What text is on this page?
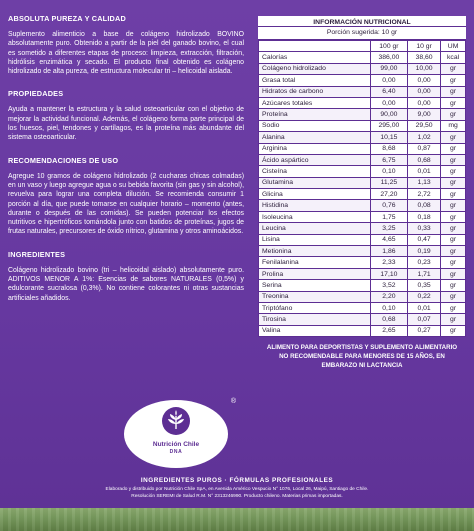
ABSOLUTA PUREZA Y CALIDAD
Suplemento alimenticio a base de colágeno hidrolizado BOVINO absolutamente puro. Obtenido a partir de la piel del ganado bovino, el cual es sometido a diferentes etapas de proceso: limpieza, extracción, filtración, hidrólisis enzimática y secado. El producto final obtenido es colágeno hidrolizado de alta pureza, de estructura molecular tri – helicoidal aislada.
PROPIEDADES
Ayuda a mantener la estructura y la salud osteoarticular con el objetivo de mejorar la actividad funcional. Además, el colágeno forma parte principal de los huesos, piel, tendones y cartílagos, es la proteína más abundante del sistema osteoarticular.
RECOMENDACIONES DE USO
Agregue 10 gramos de colágeno hidrolizado (2 cucharas chicas colmadas) en un vaso y luego agregue agua o su bebida favorita (sin gas y sin alcohol), revuelva para lograr una completa dilución. Se recomienda consumir 1 porción al día, que puede tomarse en cualquier horario – momento (antes, durante o después de las comidas). Se pueden potenciar los efectos nutritivos e hipertróficos tomándola junto con batidos de proteínas, jugos de frutas naturales, precursores de óxido nítrico, glutamina y otros aminoácidos.
INGREDIENTES
Colágeno hidrolizado bovino (tri – helicoidal aislado) absolutamente puro. ADITIVOS MENOR A 1%: Esencias de sabores NATURALES (0,5%) y edulcorante sucralosa (0,3%). No contiene colorantes ni otras sustancias artificiales añadidos.
INFORMACIÓN NUTRICIONAL
Porción sugerida: 10 gr
	100 gr	10 gr	UM
Calorías	386,00	38,60	kcal
Colágeno hidrolizado	99,00	10,00	gr
Grasa total	0,00	0,00	gr
Hidratos de carbono	6,40	0,00	gr
Azúcares totales	0,00	0,00	gr
Proteína	90,00	9,00	gr
Sodio	295,00	29,50	mg
Alanina	10,15	1,02	gr
Arginina	8,68	0,87	gr
Ácido aspártico	6,75	0,68	gr
Cisteína	0,10	0,01	gr
Glutamina	11,25	1,13	gr
Glicina	27,20	2,72	gr
Histidina	0,76	0,08	gr
Isoleucina	1,75	0,18	gr
Leucina	3,25	0,33	gr
Lisina	4,65	0,47	gr
Metionina	1,86	0,19	gr
Fenilalanina	2,33	0,23	gr
Prolina	17,10	1,71	gr
Serina	3,52	0,35	gr
Treonina	2,20	0,22	gr
Triptófano	0,10	0,01	gr
Tirosina	0,68	0,07	gr
Valina	2,65	0,27	gr
ALIMENTO PARA DEPORTISTAS Y SUPLEMENTO ALIMENTARIO
NO RECOMENDABLE PARA MENORES DE 15 AÑOS, EN
EMBARAZO NI LACTANCIA
®
Nutrición Chile
DNA
INGREDIENTES PUROS · FÓRMULAS PROFESIONALES
Elaborado y distribuido por Nutrición Chile SpA, en Avenida Américo Vespucio N° 1076, Local 26, Maipú, Santiago de Chile.
Resolución SEREMI de Salud R.M. N° 2313246990. Producto chileno. Materias primas importadas.
